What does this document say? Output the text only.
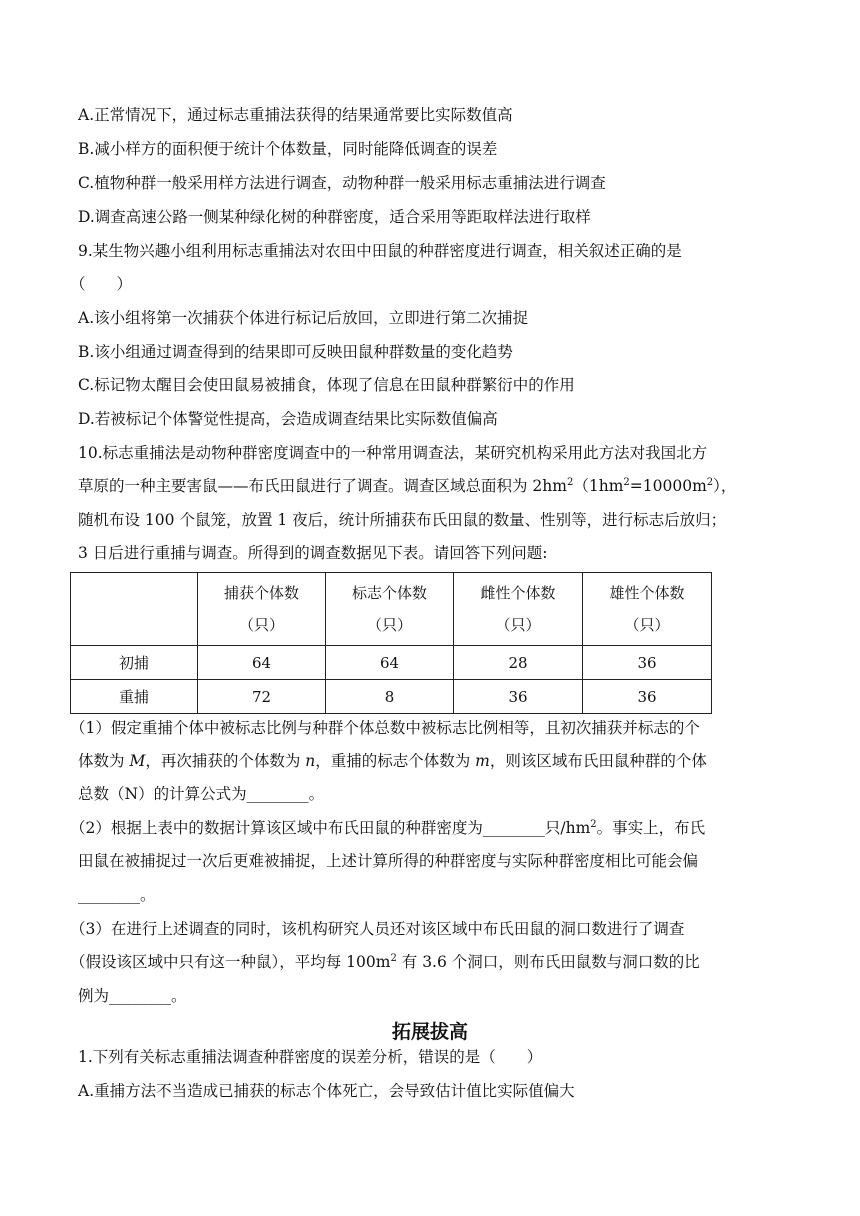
A.正常情况下，通过标志重捕法获得的结果通常要比实际数值高
B.减小样方的面积便于统计个体数量，同时能降低调查的误差
C.植物种群一般采用样方法进行调查，动物种群一般采用标志重捕法进行调查
D.调查高速公路一侧某种绿化树的种群密度，适合采用等距取样法进行取样
9.某生物兴趣小组利用标志重捕法对农田中田鼠的种群密度进行调查，相关叙述正确的是
（　　）
A.该小组将第一次捕获个体进行标记后放回，立即进行第二次捕捉
B.该小组通过调查得到的结果即可反映田鼠种群数量的变化趋势
C.标记物太醒目会使田鼠易被捕食，体现了信息在田鼠种群繁衍中的作用
D.若被标记个体警觉性提高，会造成调查结果比实际数值偏高
10.标志重捕法是动物种群密度调查中的一种常用调查法，某研究机构采用此方法对我国北方
草原的一种主要害鼠——布氏田鼠进行了调查。调查区域总面积为 $2hm^2(1hm^2=10000m^2)$，
随机布设 100 个鼠笼，放置 1 夜后，统计所捕获布氏田鼠的数量、性别等，进行标志后放归；
3 日后进行重捕与调查。所得到的调查数据见下表。请回答下列问题:

	捕获个体数
（只）	标志个体数
（只）	雌性个体数
（只）	雄性个体数
（只）

初捕	64	64	28	36
重捕	72	8	36	36
（1）假定重捕个体中被标志比例与种群个体总数中被标志比例相等，且初次捕获并标志的个
体数为 M，再次捕获的个体数为 n，重捕的标志个体数为 m，则该区域布氏田鼠种群的个体
总数（N）的计算公式为________。
（2）根据上表中的数据计算该区域中布氏田鼠的种群密度为________只$/hm^2$。事实上，布氏
田鼠在被捕捉过一次后更难被捕捉，上述计算所得的种群密度与实际种群密度相比可能会偏
________。
（3）在进行上述调查的同时，该机构研究人员还对该区域中布氏田鼠的洞口数进行了调查
（假设该区域中只有这一种鼠），平均每 $100m^2$ 有 3.6 个洞口，则布氏田鼠数与洞口数的比
例为________。
拓展拔高
1.下列有关标志重捕法调查种群密度的误差分析，错误的是（　　）
A.重捕方法不当造成已捕获的标志个体死亡，会导致估计值比实际值偏大
